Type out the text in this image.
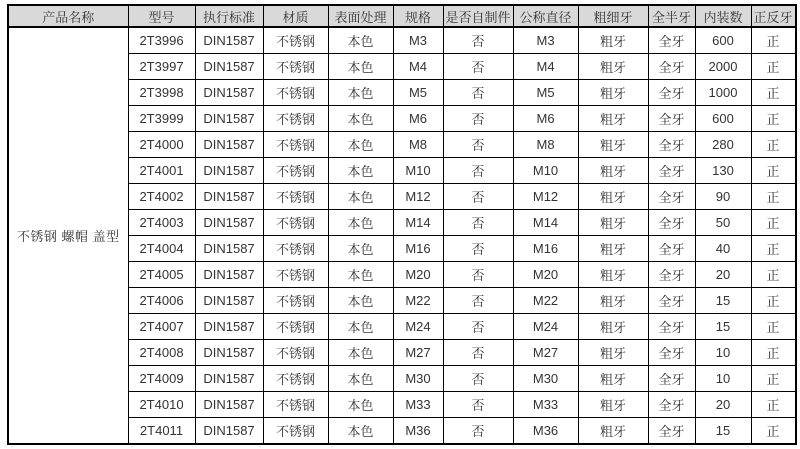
产品名称	型号	执行标准	材质	表面处理	规格	是否自制件	公称直径	粗细牙	全半牙	内装数	正反牙
不锈钢 螺帽 盖型	2T3996	DIN1587	不锈钢	本色	M3	否	M3	粗牙	全牙	600	正
	2T3997	DIN1587	不锈钢	本色	M4	否	M4	粗牙	全牙	2000	正
	2T3998	DIN1587	不锈钢	本色	M5	否	M5	粗牙	全牙	1000	正
	2T3999	DIN1587	不锈钢	本色	M6	否	M6	粗牙	全牙	600	正
	2T4000	DIN1587	不锈钢	本色	M8	否	M8	粗牙	全牙	280	正
	2T4001	DIN1587	不锈钢	本色	M10	否	M10	粗牙	全牙	130	正
	2T4002	DIN1587	不锈钢	本色	M12	否	M12	粗牙	全牙	90	正
	2T4003	DIN1587	不锈钢	本色	M14	否	M14	粗牙	全牙	50	正
	2T4004	DIN1587	不锈钢	本色	M16	否	M16	粗牙	全牙	40	正
	2T4005	DIN1587	不锈钢	本色	M20	否	M20	粗牙	全牙	20	正
	2T4006	DIN1587	不锈钢	本色	M22	否	M22	粗牙	全牙	15	正
	2T4007	DIN1587	不锈钢	本色	M24	否	M24	粗牙	全牙	15	正
	2T4008	DIN1587	不锈钢	本色	M27	否	M27	粗牙	全牙	10	正
	2T4009	DIN1587	不锈钢	本色	M30	否	M30	粗牙	全牙	10	正
	2T4010	DIN1587	不锈钢	本色	M33	否	M33	粗牙	全牙	20	正
	2T4011	DIN1587	不锈钢	本色	M36	否	M36	粗牙	全牙	15	正
